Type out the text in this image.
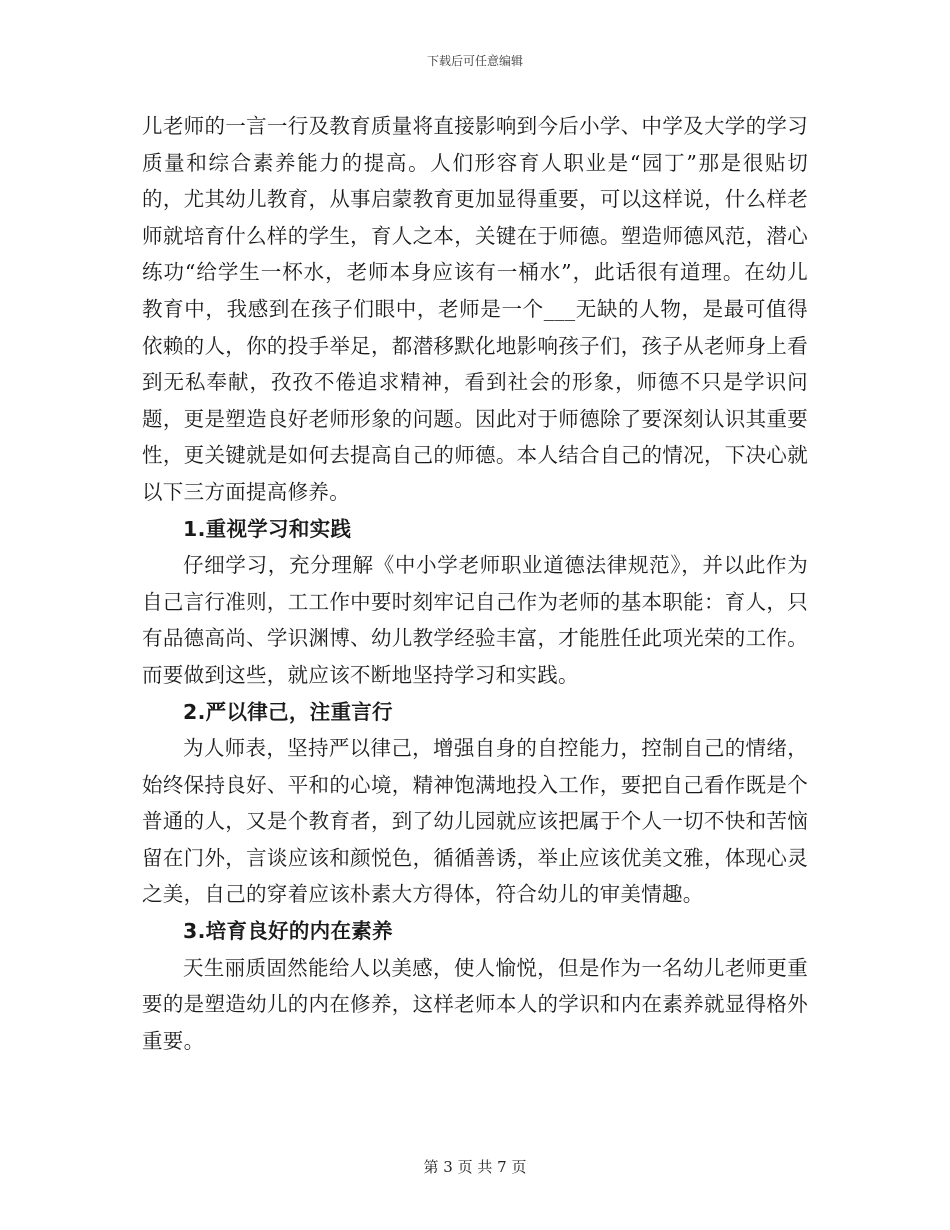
下载后可任意编辑

儿老师的一言一行及教育质量将直接影响到今后小学、中学及大学的学习质量和综合素养能力的提高。人们形容育人职业是“园丁”那是很贴切的，尤其幼儿教育，从事启蒙教育更加显得重要，可以这样说，什么样老师就培育什么样的学生，育人之本，关键在于师德。塑造师德风范，潜心练功“给学生一杯水，老师本身应该有一桶水”，此话很有道理。在幼儿教育中，我感到在孩子们眼中，老师是一个___无缺的人物，是最可值得依赖的人，你的投手举足，都潜移默化地影响孩子们，孩子从老师身上看到无私奉献，孜孜不倦追求精神，看到社会的形象，师德不只是学识问题，更是塑造良好老师形象的问题。因此对于师德除了要深刻认识其重要性，更关键就是如何去提高自己的师德。本人结合自己的情况，下决心就以下三方面提高修养。

1.重视学习和实践

仔细学习，充分理解《中小学老师职业道德法律规范》，并以此作为自己言行准则，工工作中要时刻牢记自己作为老师的基本职能：育人，只有品德高尚、学识渊博、幼儿教学经验丰富，才能胜任此项光荣的工作。而要做到这些，就应该不断地坚持学习和实践。

2.严以律己，注重言行

为人师表，坚持严以律己，增强自身的自控能力，控制自己的情绪，始终保持良好、平和的心境，精神饱满地投入工作，要把自己看作既是个普通的人，又是个教育者，到了幼儿园就应该把属于个人一切不快和苦恼留在门外，言谈应该和颜悦色，循循善诱，举止应该优美文雅，体现心灵之美，自己的穿着应该朴素大方得体，符合幼儿的审美情趣。

3.培育良好的内在素养

天生丽质固然能给人以美感，使人愉悦，但是作为一名幼儿老师更重要的是塑造幼儿的内在修养，这样老师本人的学识和内在素养就显得格外重要。

第 3 页 共 7 页
